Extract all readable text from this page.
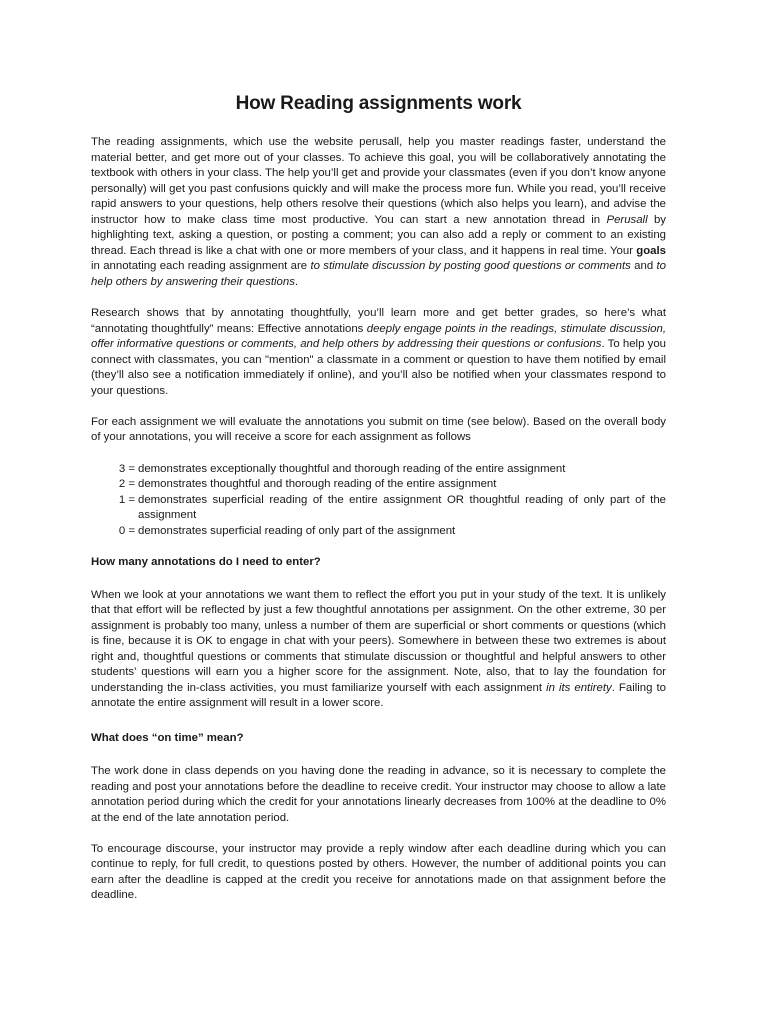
How Reading assignments work

The reading assignments, which use the website perusall, help you master readings faster, understand the material better, and get more out of your classes. To achieve this goal, you will be collaboratively annotating the textbook with others in your class. The help you’ll get and provide your classmates (even if you don’t know anyone personally) will get you past confusions quickly and will make the process more fun. While you read, you’ll receive rapid answers to your questions, help others resolve their questions (which also helps you learn), and advise the instructor how to make class time most productive. You can start a new annotation thread in Perusall by highlighting text, asking a question, or posting a comment; you can also add a reply or comment to an existing thread. Each thread is like a chat with one or more members of your class, and it happens in real time. Your goals in annotating each reading assignment are to stimulate discussion by posting good questions or comments and to help others by answering their questions.

Research shows that by annotating thoughtfully, you’ll learn more and get better grades, so here’s what “annotating thoughtfully” means: Effective annotations deeply engage points in the readings, stimulate discussion, offer informative questions or comments, and help others by addressing their questions or confusions. To help you connect with classmates, you can "mention" a classmate in a comment or question to have them notified by email (they’ll also see a notification immediately if online), and you’ll also be notified when your classmates respond to your questions.

For each assignment we will evaluate the annotations you submit on time (see below). Based on the overall body of your annotations, you will receive a score for each assignment as follows

3 = demonstrates exceptionally thoughtful and thorough reading of the entire assignment
2 = demonstrates thoughtful and thorough reading of the entire assignment
1 = demonstrates superficial reading of the entire assignment OR thoughtful reading of only part of the assignment
0 = demonstrates superficial reading of only part of the assignment
How many annotations do I need to enter?

When we look at your annotations we want them to reflect the effort you put in your study of the text. It is unlikely that that effort will be reflected by just a few thoughtful annotations per assignment. On the other extreme, 30 per assignment is probably too many, unless a number of them are superficial or short comments or questions (which is fine, because it is OK to engage in chat with your peers). Somewhere in between these two extremes is about right and, thoughtful questions or comments that stimulate discussion or thoughtful and helpful answers to other students’ questions will earn you a higher score for the assignment. Note, also, that to lay the foundation for understanding the in-class activities, you must familiarize yourself with each assignment in its entirety. Failing to annotate the entire assignment will result in a lower score.

What does “on time” mean?

The work done in class depends on you having done the reading in advance, so it is necessary to complete the reading and post your annotations before the deadline to receive credit. Your instructor may choose to allow a late annotation period during which the credit for your annotations linearly decreases from 100% at the deadline to 0% at the end of the late annotation period.

To encourage discourse, your instructor may provide a reply window after each deadline during which you can continue to reply, for full credit, to questions posted by others. However, the number of additional points you can earn after the deadline is capped at the credit you receive for annotations made on that assignment before the deadline.
